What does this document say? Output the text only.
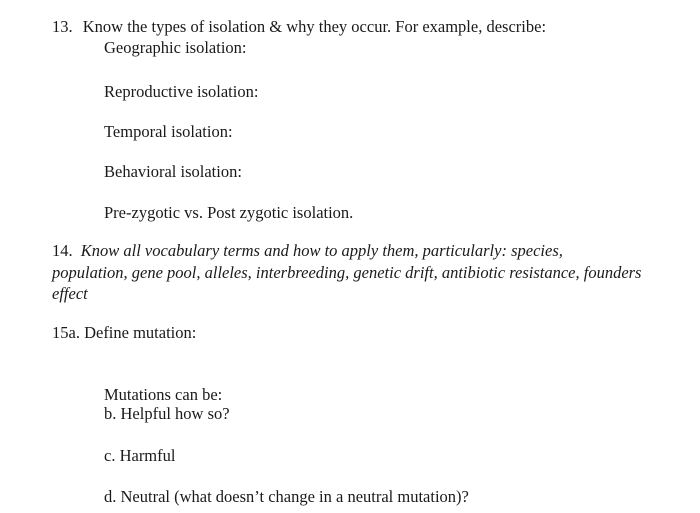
13. Know the types of isolation & why they occur. For example, describe:
Geographic isolation:
Reproductive isolation:
Temporal isolation:
Behavioral isolation:
Pre-zygotic vs. Post zygotic isolation.
14. Know all vocabulary terms and how to apply them, particularly: species,
population, gene pool, alleles, interbreeding, genetic drift, antibiotic resistance, founders
effect
15a. Define mutation:
Mutations can be:
b. Helpful how so?
c. Harmful
d. Neutral (what doesn’t change in a neutral mutation)?
